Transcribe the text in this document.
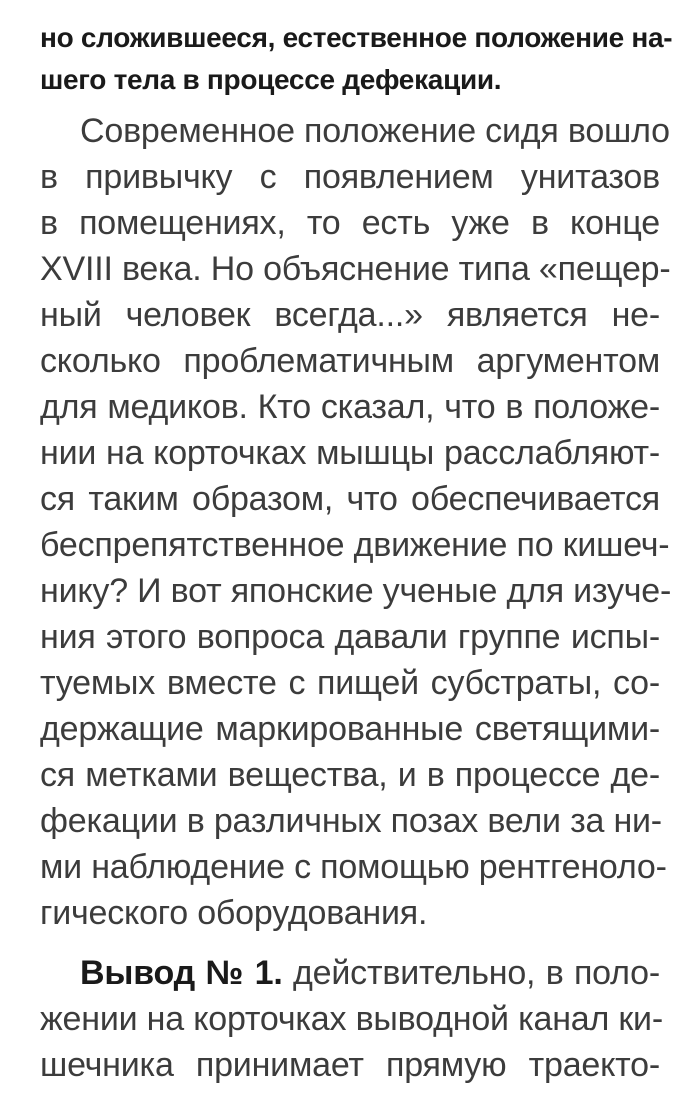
но сложившееся, естественное положение на-

шего тела в процессе дефекации.

Современное положение сидя вошло

в привычку с появлением унитазов

в помещениях, то есть уже в конце

XVIII века. Но объяснение типа «пещер-

ный человек всегда...» является не-

сколько проблематичным аргументом

для медиков. Кто сказал, что в положе-

нии на корточках мышцы расслабляют-

ся таким образом, что обеспечивается

беспрепятственное движение по кишеч-

нику? И вот японские ученые для изуче-

ния этого вопроса давали группе испы-

туемых вместе с пищей субстраты, со-

держащие маркированные светящими-

ся метками вещества, и в процессе де-

фекации в различных позах вели за ни-

ми наблюдение с помощью рентгеноло-

гического оборудования.

Вывод № 1. действительно, в поло-

жении на корточках выводной канал ки-

шечника принимает прямую траекто-
